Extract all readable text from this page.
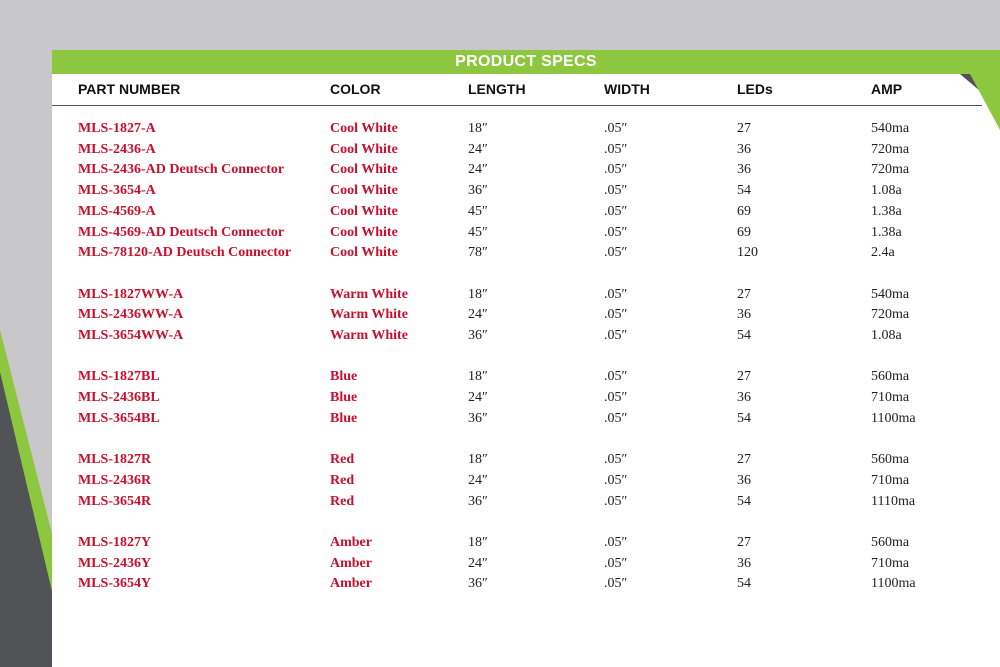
PRODUCT SPECS
PART NUMBER	COLOR	LENGTH	WIDTH	LEDs	AMP
MLS-1827-A	Cool White	18″	.05″	27	540ma
MLS-2436-A	Cool White	24″	.05″	36	720ma
MLS-2436-AD Deutsch Connector	Cool White	24″	.05″	36	720ma
MLS-3654-A	Cool White	36″	.05″	54	1.08a
MLS-4569-A	Cool White	45″	.05″	69	1.38a
MLS-4569-AD Deutsch Connector	Cool White	45″	.05″	69	1.38a
MLS-78120-AD Deutsch Connector	Cool White	78″	.05″	120	2.4a
MLS-1827WW-A	Warm White	18″	.05″	27	540ma
MLS-2436WW-A	Warm White	24″	.05″	36	720ma
MLS-3654WW-A	Warm White	36″	.05″	54	1.08a
MLS-1827BL	Blue	18″	.05″	27	560ma
MLS-2436BL	Blue	24″	.05″	36	710ma
MLS-3654BL	Blue	36″	.05″	54	1100ma
MLS-1827R	Red	18″	.05″	27	560ma
MLS-2436R	Red	24″	.05″	36	710ma
MLS-3654R	Red	36″	.05″	54	1110ma
MLS-1827Y	Amber	18″	.05″	27	560ma
MLS-2436Y	Amber	24″	.05″	36	710ma
MLS-3654Y	Amber	36″	.05″	54	1100ma
